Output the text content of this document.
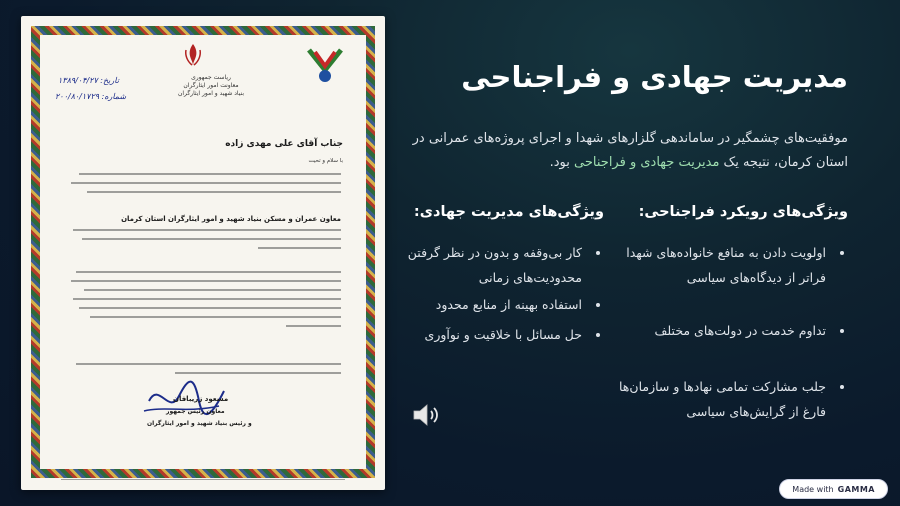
ریاست جمهوری
معاونت امور ایثارگران
بنیاد شهید و امور ایثارگران
۱۳۸۹/۰۴/۲۷ :تاریخ
۲۰۰/۸۰/۱۷۲۹ :شماره
جناب آقای علی مهدی زاده
با سلام و تحیت
معاون عمران و مسکن بنیاد شهید و امور ایثارگران استان کرمان
مسعود زریبافان
معاون رئیس جمهور
و رئیس بنیاد شهید و امور ایثارگران
مدیریت جهادی و فراجناحی
موفقیت‌های چشمگیر در ساماندهی گلزارهای شهدا و اجرای پروژه‌های عمرانی در استان کرمان، نتیجه یک مدیریت جهادی و فراجناحی بود.
ویژگی‌های رویکرد فراجناحی:
اولویت دادن به منافع خانواده‌های شهدا فراتر از دیدگاه‌های سیاسی
تداوم خدمت در دولت‌های مختلف
جلب مشارکت تمامی نهادها و سازمان‌ها فارغ از گرایش‌های سیاسی
ویژگی‌های مدیریت جهادی:
کار بی‌وقفه و بدون در نظر گرفتن محدودیت‌های زمانی
استفاده بهینه از منابع محدود
حل مسائل با خلاقیت و نوآوری
Made with GAMMA
